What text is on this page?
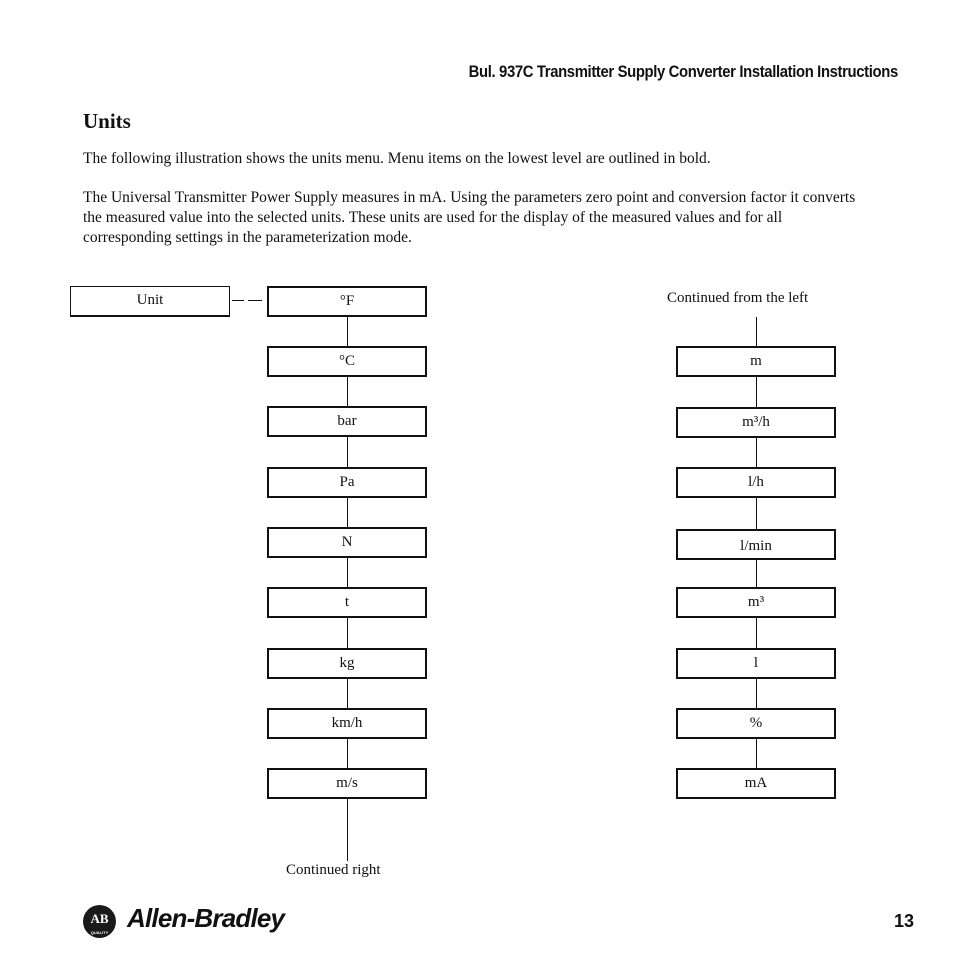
Bul. 937C Transmitter Supply Converter Installation Instructions
Units

The following illustration shows the units menu. Menu items on the lowest level are outlined in bold.

The Universal Transmitter Power Supply measures in mA. Using the parameters zero point and conversion factor it converts the measured value into the selected units. These units are used for the display of the measured values and for all corresponding settings in the parameterization mode.

Unit	°F
°C
bar
Pa
N
t
kg
km/h
m/s
Continued right
Continued from the left
m
m³/h
l/h
l/min
m³
l
%
mA
AB
QUALITY Allen-Bradley	13
